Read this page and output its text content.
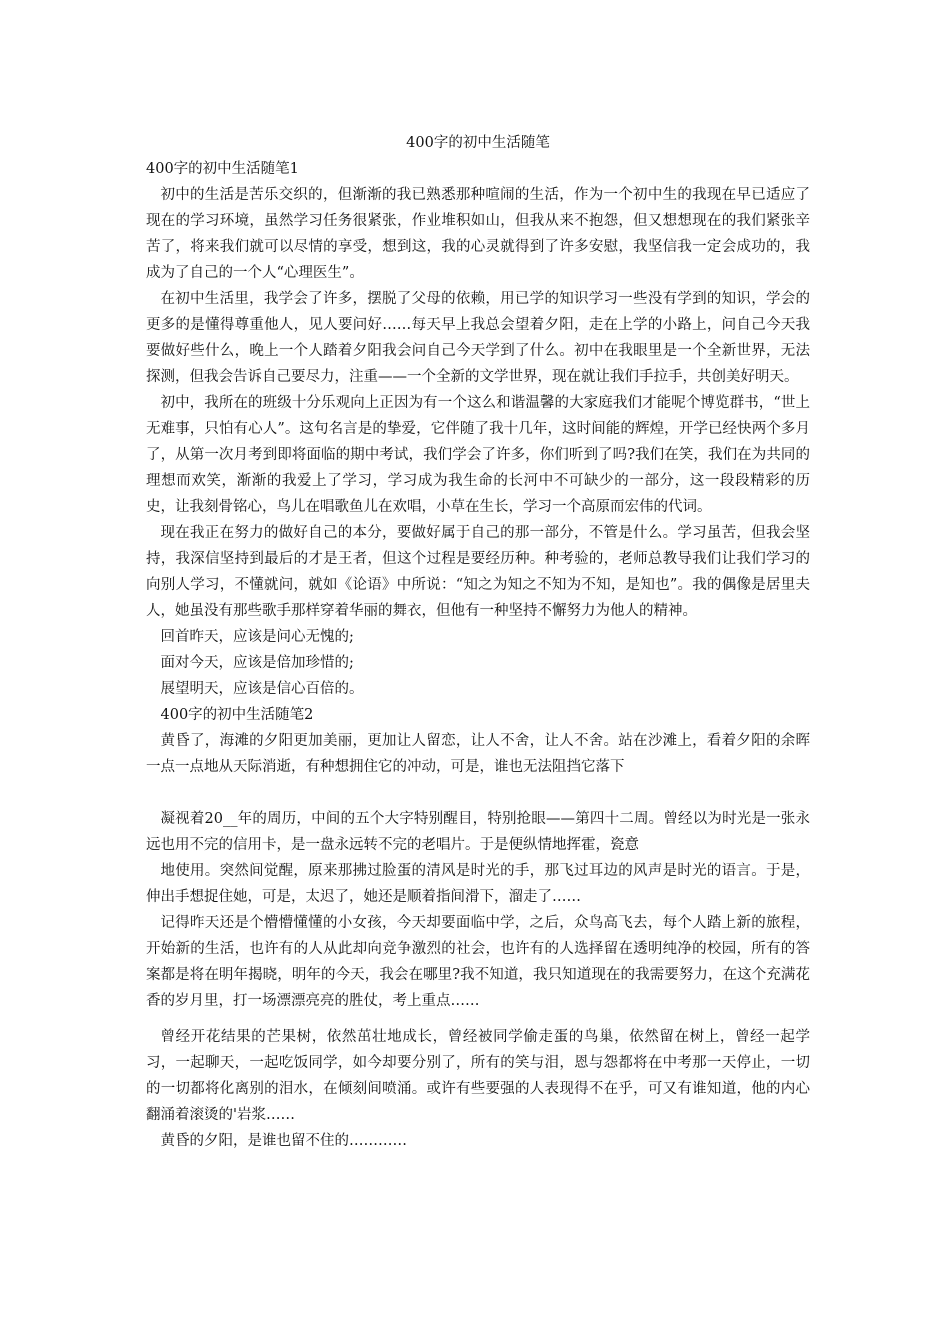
400字的初中生活随笔

400字的初中生活随笔1

初中的生活是苦乐交织的，但渐渐的我已熟悉那种喧闹的生活，作为一个初中生的我现在早已适应了现在的学习环境，虽然学习任务很紧张，作业堆积如山，但我从来不抱怨，但又想想现在的我们紧张辛苦了，将来我们就可以尽情的享受，想到这，我的心灵就得到了许多安慰，我坚信我一定会成功的，我成为了自己的一个人“心理医生”。

在初中生活里，我学会了许多，摆脱了父母的依赖，用已学的知识学习一些没有学到的知识，学会的更多的是懂得尊重他人，见人要问好……每天早上我总会望着夕阳，走在上学的小路上，问自己今天我要做好些什么，晚上一个人踏着夕阳我会问自己今天学到了什么。初中在我眼里是一个全新世界，无法探测，但我会告诉自己要尽力，注重——一个全新的文学世界，现在就让我们手拉手，共创美好明天。

初中，我所在的班级十分乐观向上正因为有一个这么和谐温馨的大家庭我们才能呢个博览群书，“世上无难事，只怕有心人”。这句名言是的挚爱，它伴随了我十几年，这时间能的辉煌，开学已经快两个多月了，从第一次月考到即将面临的期中考试，我们学会了许多，你们听到了吗?我们在笑，我们在为共同的理想而欢笑，渐渐的我爱上了学习，学习成为我生命的长河中不可缺少的一部分，这一段段精彩的历史，让我刻骨铭心，鸟儿在唱歌鱼儿在欢唱，小草在生长，学习一个高原而宏伟的代词。

现在我正在努力的做好自己的本分，要做好属于自己的那一部分，不管是什么。学习虽苦，但我会坚持，我深信坚持到最后的才是王者，但这个过程是要经历种。种考验的，老师总教导我们让我们学习的向别人学习，不懂就问，就如《论语》中所说：“知之为知之不知为不知，是知也”。我的偶像是居里夫人，她虽没有那些歌手那样穿着华丽的舞衣，但他有一种坚持不懈努力为他人的精神。

回首昨天，应该是问心无愧的;

面对今天，应该是倍加珍惜的;

展望明天，应该是信心百倍的。

400字的初中生活随笔2

黄昏了，海滩的夕阳更加美丽，更加让人留恋，让人不舍，让人不舍。站在沙滩上，看着夕阳的余晖一点一点地从天际消逝，有种想拥住它的冲动，可是，谁也无法阻挡它落下

凝视着20__年的周历，中间的五个大字特别醒目，特别抢眼——第四十二周。曾经以为时光是一张永远也用不完的信用卡，是一盘永远转不完的老唱片。于是便纵情地挥霍，瓷意

地使用。突然间觉醒，原来那拂过脸蛋的清风是时光的手，那飞过耳边的风声是时光的语言。于是，伸出手想捉住她，可是，太迟了，她还是顺着指间滑下，溜走了……

记得昨天还是个懵懵懂懂的小女孩，今天却要面临中学，之后，众鸟高飞去，每个人踏上新的旅程，开始新的生活，也许有的人从此却向竞争激烈的社会，也许有的人选择留在透明纯净的校园，所有的答案都是将在明年揭晓，明年的今天，我会在哪里?我不知道，我只知道现在的我需要努力，在这个充满花香的岁月里，打一场漂漂亮亮的胜仗，考上重点……

曾经开花结果的芒果树，依然茁壮地成长，曾经被同学偷走蛋的鸟巢，依然留在树上，曾经一起学习，一起聊天，一起吃饭同学，如今却要分别了，所有的笑与泪，恩与怨都将在中考那一天停止，一切的一切都将化离别的泪水，在倾刻间喷涌。或许有些要强的人表现得不在乎，可又有谁知道，他的内心翻涌着滚烫的'岩浆……

黄昏的夕阳，是谁也留不住的…………
